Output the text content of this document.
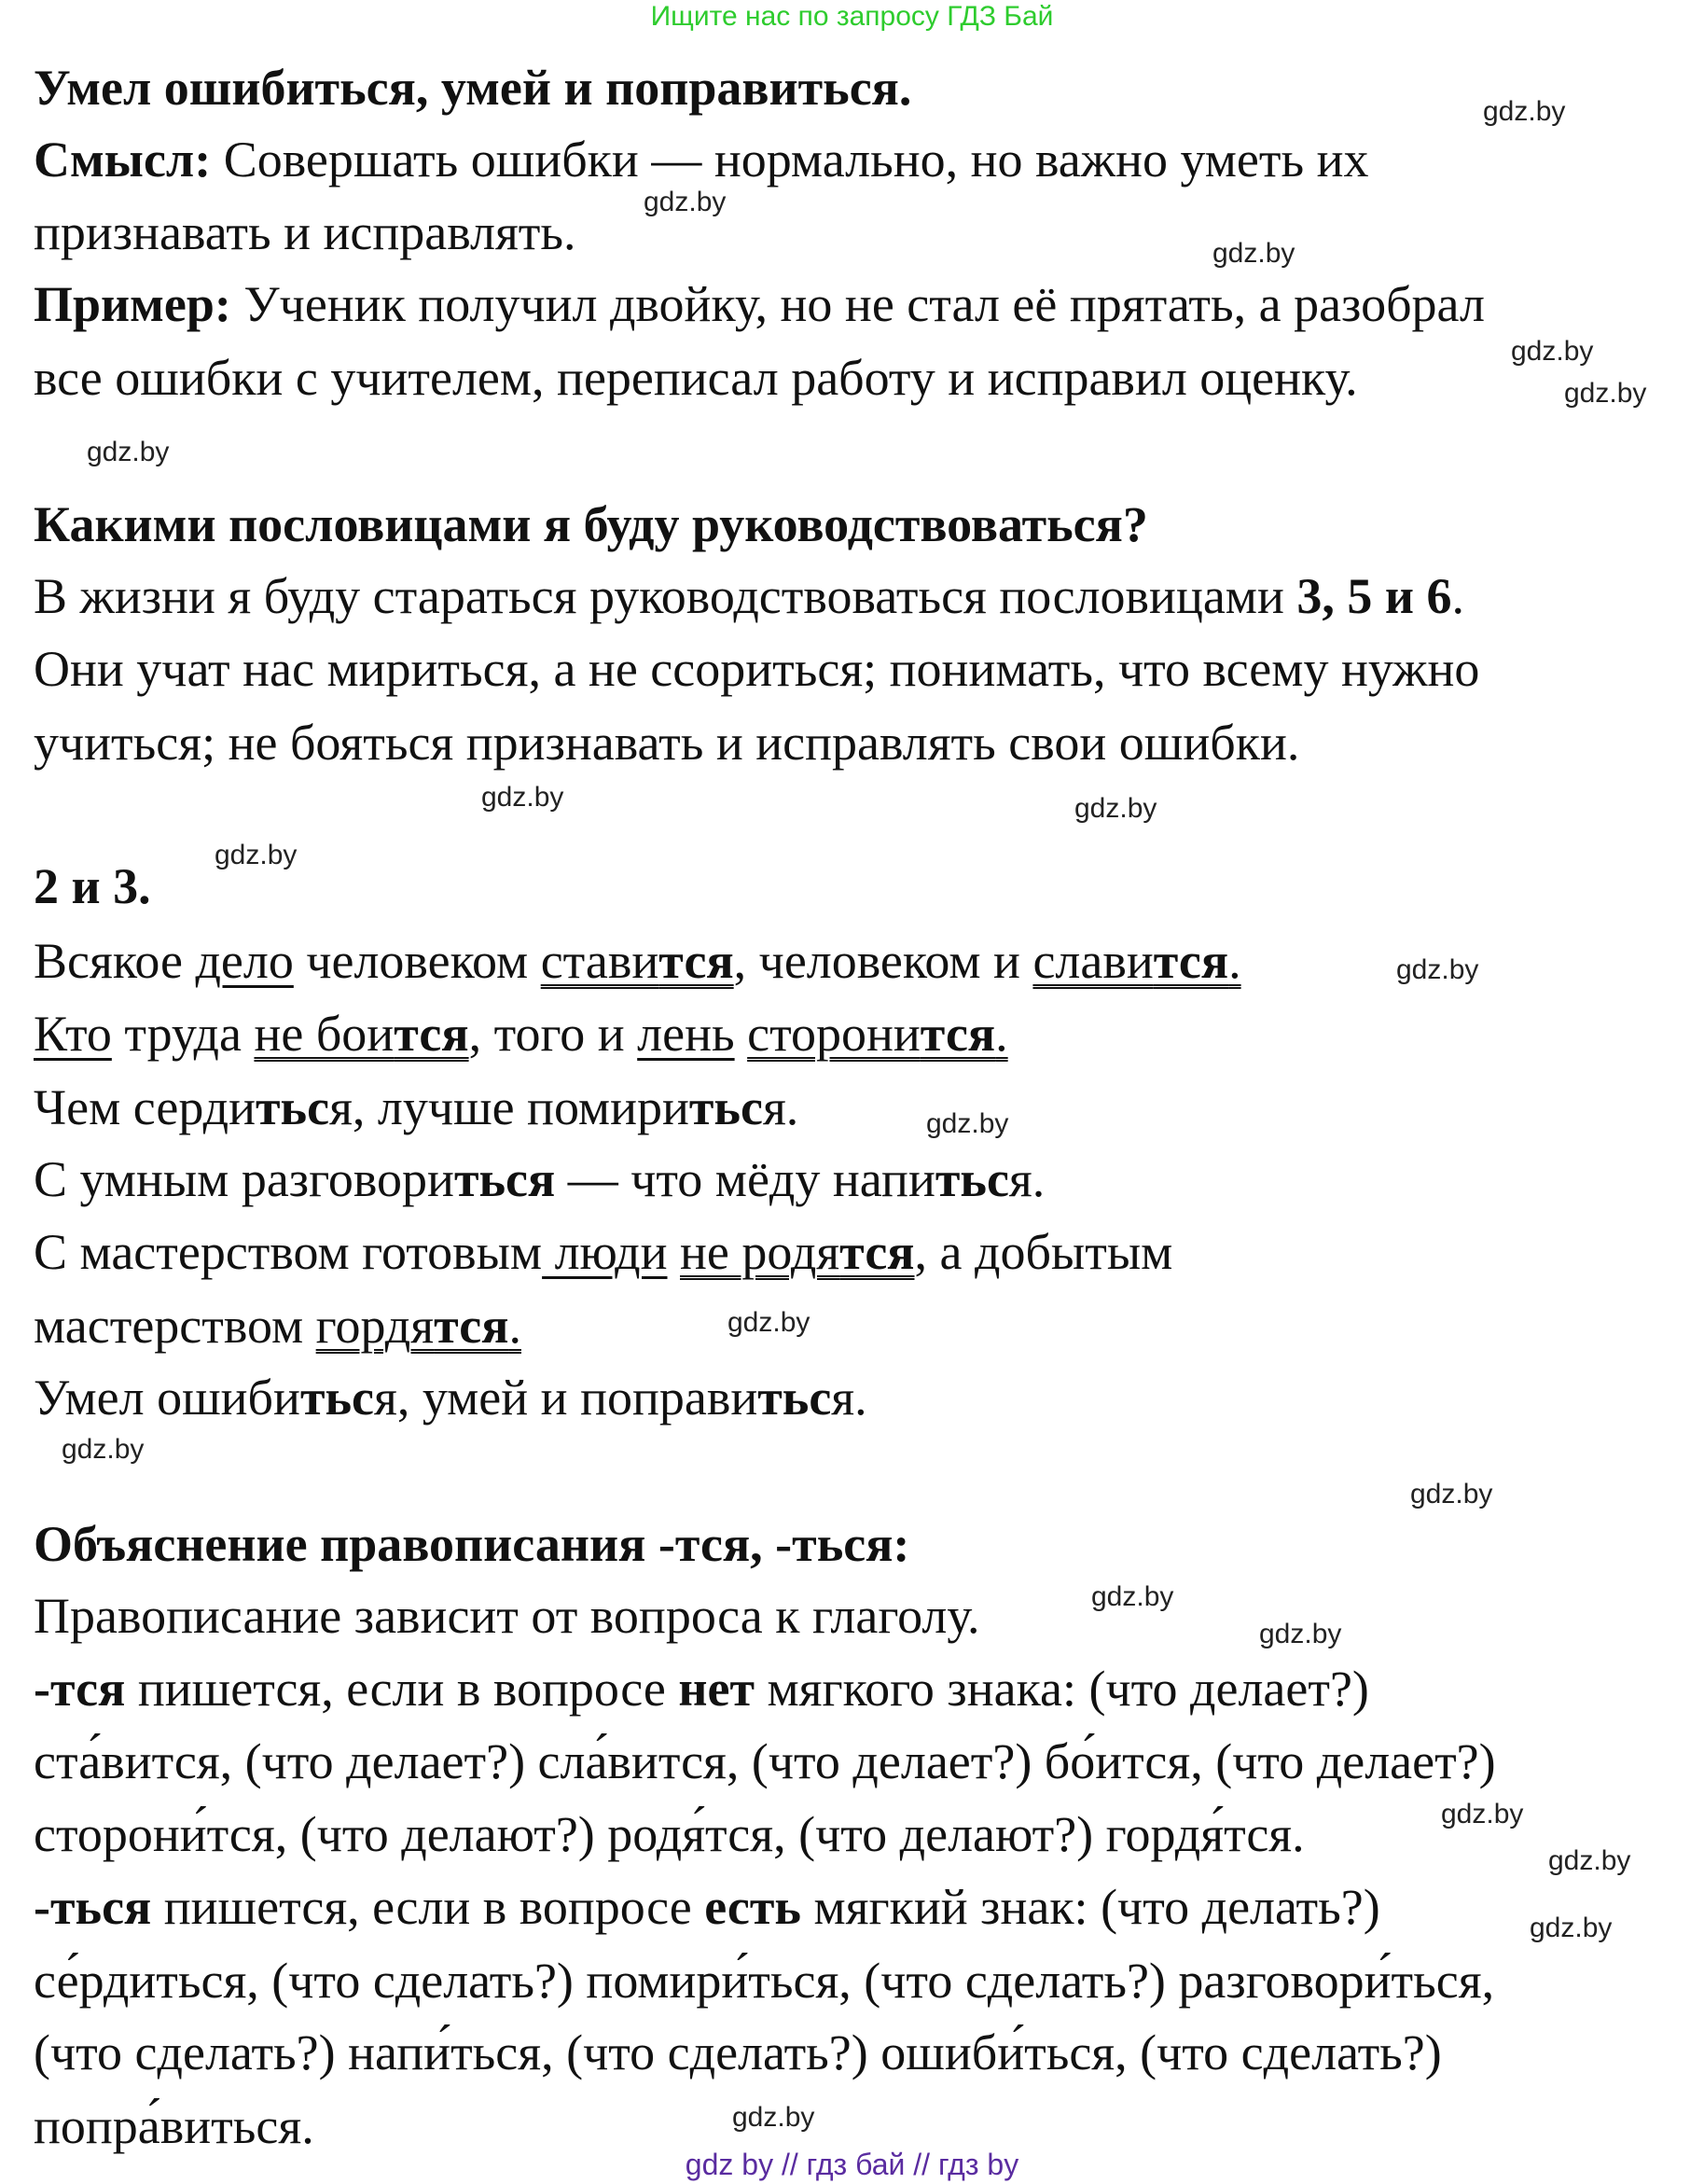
Ищите нас по запросу ГДЗ Бай
Умел ошибиться, умей и поправиться.
Смысл: Совершать ошибки — нормально, но важно уметь их
признавать и исправлять.
Пример: Ученик получил двойку, но не стал её прятать, а разобрал
все ошибки с учителем, переписал работу и исправил оценку.
Какими пословицами я буду руководствоваться?
В жизни я буду стараться руководствоваться пословицами 3, 5 и 6.
Они учат нас мириться, а не ссориться; понимать, что всему нужно
учиться; не бояться признавать и исправлять свои ошибки.
2 и 3.
Всякое дело человеком ставится, человеком и славится.
Кто труда не боится, того и лень сторонится.
Чем сердиться, лучше помириться.
С умным разговориться — что мёду напиться.
С мастерством готовым люди не родятся, а добытым
мастерством гордятся.
Умел ошибиться, умей и поправиться.
Объяснение правописания -тся, -ться:
Правописание зависит от вопроса к глаголу.
-тся пишется, если в вопросе нет мягкого знака: (что делает?)
ста́вится, (что делает?) сла́вится, (что делает?) бо́ится, (что делает?)
сторони́тся, (что делают?) родя́тся, (что делают?) гордя́тся.
-ться пишется, если в вопросе есть мягкий знак: (что делать?)
се́рдиться, (что сделать?) помири́ться, (что сделать?) разговори́ться,
(что сделать?) напи́ться, (что сделать?) ошиби́ться, (что сделать?)
попра́виться.
gdz.by
gdz.by
gdz.by
gdz.by
gdz.by
gdz.by
gdz.by
gdz.by
gdz.by
gdz.by
gdz.by
gdz.by
gdz.by
gdz.by
gdz.by
gdz.by
gdz.by
gdz.by
gdz.by
gdz.by
gdz by // гдз бай // гдз by
